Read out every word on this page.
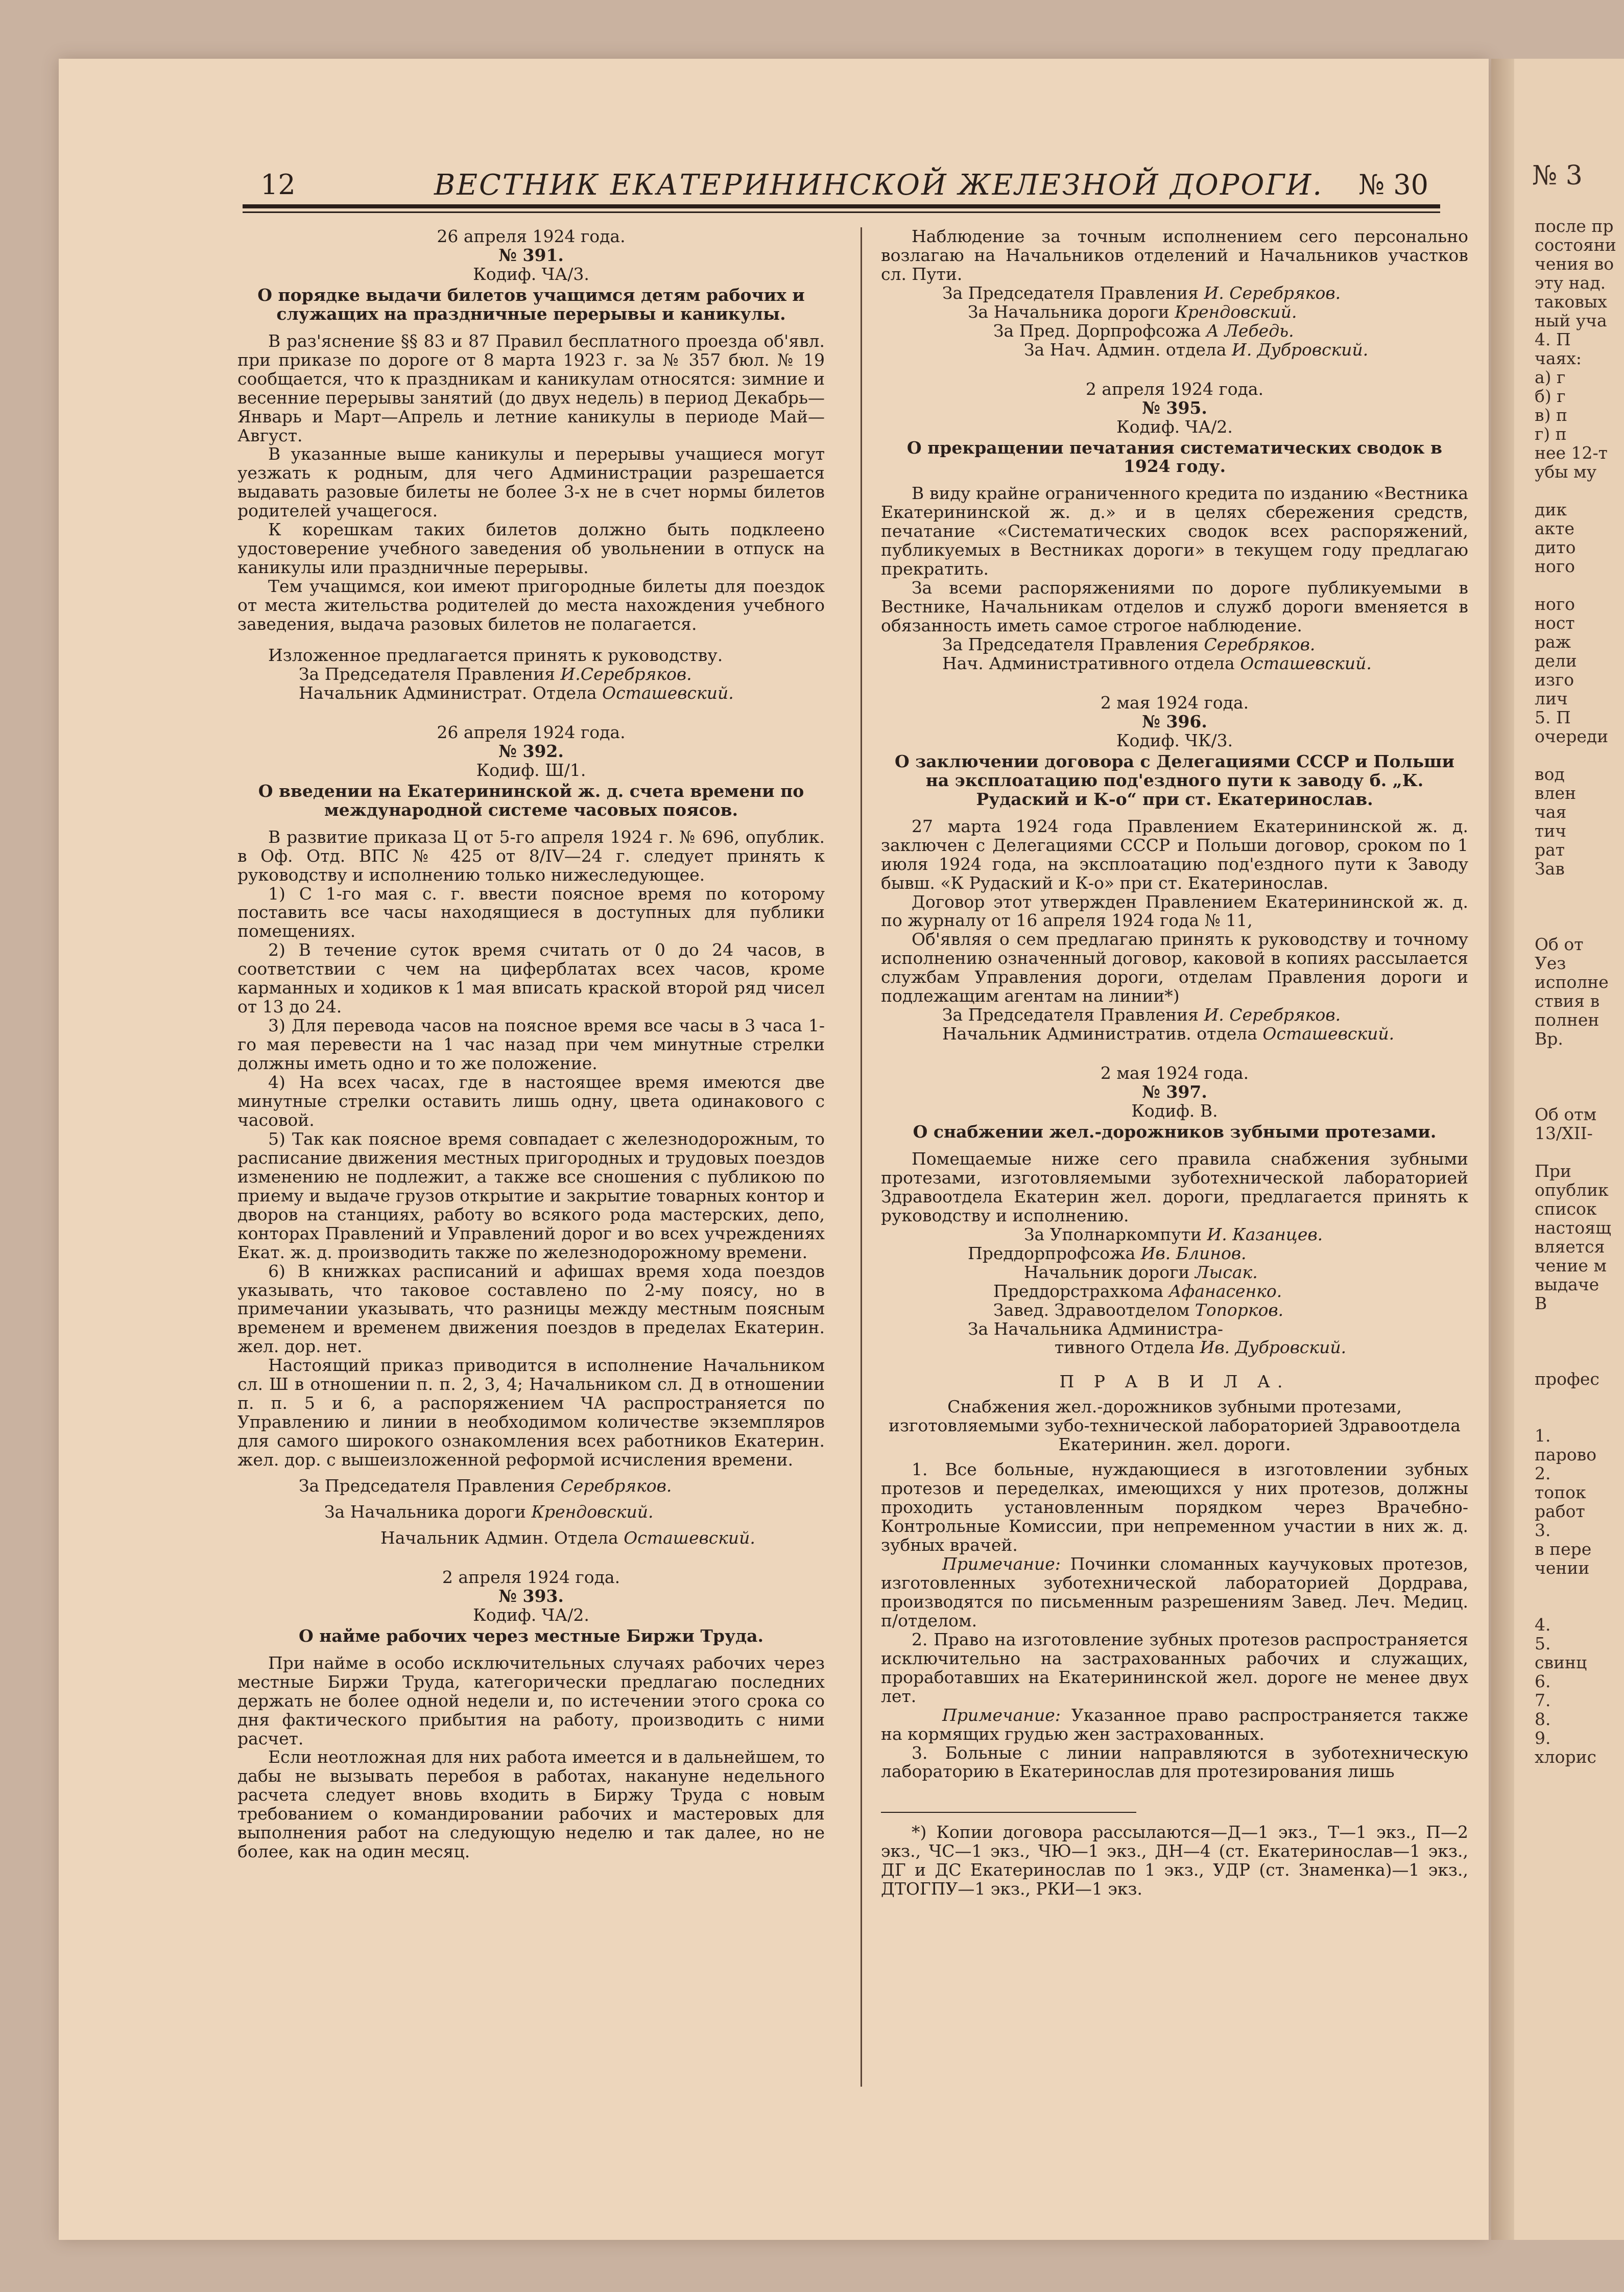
№ 3
после пр
состояни
чения во
эту над.
таковых
ный уча
4. П
чаях:
а) г
б) г
в) п
г) п
нее 12-т
убы му
дик
акте
дито
ного
ного
ност
раж
дели
изго
лич
5. П
очереди
вод
влен
чая
тич
рат
Зав
Об от
Уез
исполне
ствия в
полнен
Вр.
Об отм
13/XII-
При
опублик
список
настоящ
вляется
чение м
выдаче
В
профес
1.
парово
2.
топок
работ
3.
в пере
чении
4.
5.
свинц
6.
7.
8.
9.
хлорис
12	ВЕСТНИК ЕКАТЕРИНИНСКОЙ ЖЕЛЕЗНОЙ ДОРОГИ. № 30
26 апреля 1924 года.
№ 391.
Кодиф. ЧА/3.
О порядке выдачи билетов учащимся детям рабочих и служащих на праздничные перерывы и каникулы.

В раз'яснение §§ 83 и 87 Правил бесплатного проезда об'явл. при приказе по дороге от 8 марта 1923 г. за № 357 бюл. № 19 сообщается, что к праздникам и каникулам относятся: зимние и весенние перерывы занятий (до двух недель) в период Декабрь—Январь и Март—Апрель и летние каникулы в периоде Май—Август.

В указанные выше каникулы и перерывы учащиеся могут уезжать к родным, для чего Администрации разрешается выдавать разовые билеты не более 3-х не в счет нормы билетов родителей учащегося.

К корешкам таких билетов должно быть подклеено удостоверение учебного заведения об увольнении в отпуск на каникулы или праздничные перерывы.

Тем учащимся, кои имеют пригородные билеты для поездок от места жительства родителей до места нахождения учебного заведения, выдача разовых билетов не полагается.

Изложенное предлагается принять к руководству.

За Председателя Правления И.Серебряков.
Начальник Администрат. Отдела Осташевский.
26 апреля 1924 года.
№ 392.
Кодиф. Ш/1.
О введении на Екатерининской ж. д. счета времени по международной системе часовых поясов.

В развитие приказа Ц от 5-го апреля 1924 г. № 696, опублик. в Оф. Отд. ВПС № 425 от 8/IV—24 г. следует принять к руководству и исполнению только нижеследующее.

1) С 1-го мая с. г. ввести поясное время по которому поставить все часы находящиеся в доступных для публики помещениях.

2) В течение суток время считать от 0 до 24 часов, в соответствии с чем на циферблатах всех часов, кроме карманных и ходиков к 1 мая вписать краской второй ряд чисел от 13 до 24.

3) Для перевода часов на поясное время все часы в 3 часа 1-го мая перевести на 1 час назад при чем минутные стрелки должны иметь одно и то же положение.

4) На всех часах, где в настоящее время имеются две минутные стрелки оставить лишь одну, цвета одинакового с часовой.

5) Так как поясное время совпадает с железнодорожным, то расписание движения местных пригородных и трудовых поездов изменению не подлежит, а также все сношения с публикою по приему и выдаче грузов открытие и закрытие товарных контор и дворов на станциях, работу во всякого рода мастерских, депо, конторах Правлений и Управлений дорог и во всех учреждениях Екат. ж. д. производить также по железнодорожному времени.

6) В книжках расписаний и афишах время хода поездов указывать, что таковое составлено по 2-му поясу, но в примечании указывать, что разницы между местным поясным временем и временем движения поездов в пределах Екатерин. жел. дор. нет.

Настоящий приказ приводится в исполнение Начальником сл. Ш в отношении п. п. 2, 3, 4; Начальником сл. Д в отношении п. п. 5 и 6, а распоряжением ЧА распространяется по Управлению и линии в необходимом количестве экземпляров для самого широкого ознакомления всех работников Екатерин. жел. дор. с вышеизложенной реформой исчисления времени.

За Председателя Правления Серебряков.
За Начальника дороги Крендовский.
Начальник Админ. Отдела Осташевский.
2 апреля 1924 года.
№ 393.
Кодиф. ЧА/2.
О найме рабочих через местные Биржи Труда.

При найме в особо исключительных случаях рабочих через местные Биржи Труда, категорически предлагаю последних держать не более одной недели и, по истечении этого срока со дня фактического прибытия на работу, производить с ними расчет.

Если неотложная для них работа имеется и в дальнейшем, то дабы не вызывать перебоя в работах, накануне недельного расчета следует вновь входить в Биржу Труда с новым требованием о командировании рабочих и мастеровых для выполнения работ на следующую неделю и так далее, но не более, как на один месяц.

Наблюдение за точным исполнением сего персонально возлагаю на Начальников отделений и Начальников участков сл. Пути.

За Председателя Правления И. Серебряков.
За Начальника дороги Крендовский.
За Пред. Дорпрофсожа А Лебедь.
За Нач. Админ. отдела И. Дубровский.
2 апреля 1924 года.
№ 395.
Кодиф. ЧА/2.
О прекращении печатания систематических сводок в 1924 году.

В виду крайне ограниченного кредита по изданию «Вестника Екатерининской ж. д.» и в целях сбережения средств, печатание «Систематических сводок всех распоряжений, публикуемых в Вестниках дороги» в текущем году предлагаю прекратить.

За всеми распоряжениями по дороге публикуемыми в Вестнике, Начальникам отделов и служб дороги вменяется в обязанность иметь самое строгое наблюдение.

За Председателя Правления Серебряков.
Нач. Административного отдела Осташевский.
2 мая 1924 года.
№ 396.
Кодиф. ЧК/3.
О заключении договора с Делегациями СССР и Польши на эксплоатацию под'ездного пути к заводу б. „К. Рудаский и К-о“ при ст. Екатеринослав.

27 марта 1924 года Правлением Екатерининской ж. д. заключен с Делегациями СССР и Польши договор, сроком по 1 июля 1924 года, на эксплоатацию под'ездного пути к Заводу бывш. «К Рудаский и К-о» при ст. Екатеринослав.

Договор этот утвержден Правлением Екатерининской ж. д. по журналу от 16 апреля 1924 года № 11,

Об'являя о сем предлагаю принять к руководству и точному исполнению означенный договор, каковой в копиях рассылается службам Управления дороги, отделам Правления дороги и подлежащим агентам на линии*)

За Председателя Правления И. Серебряков.
Начальник Административ. отдела Осташевский.
2 мая 1924 года.
№ 397.
Кодиф. В.
О снабжении жел.-дорожников зубными протезами.

Помещаемые ниже сего правила снабжения зубными протезами, изготовляемыми зуботехнической лабораторией Здравоотдела Екатерин жел. дороги, предлагается принять к руководству и исполнению.

За Уполнаркомпути И. Казанцев.
Преддорпрофсожа Ив. Блинов.
Начальник дороги Лысак.
Преддорстрахкома Афанасенко.
Завед. Здравоотделом Топорков.
За Начальника Администра-
тивного Отдела Ив. Дубровский.
П Р А В И Л А.
Снабжения жел.-дорожников зубными протезами, изготовляемыми зубо-технической лабораторией Здравоотдела Екатеринин. жел. дороги.

1. Все больные, нуждающиеся в изготовлении зубных протезов и переделках, имеющихся у них протезов, должны проходить установленным порядком через Врачебно-Контрольные Комиссии, при непременном участии в них ж. д. зубных врачей.

Примечание: Починки сломанных каучуковых протезов, изготовленных зуботехнической лабораторией Дордрава, производятся по письменным разрешениям Завед. Леч. Медиц. п/отделом.

2. Право на изготовление зубных протезов распространяется исключительно на застрахованных рабочих и служащих, проработавших на Екатерининской жел. дороге не менее двух лет.

Примечание: Указанное право распространяется также на кормящих грудью жен застрахованных.

3. Больные с линии направляются в зуботехническую лабораторию в Екатеринослав для протезирования лишь

*) Копии договора рассылаются—Д—1 экз., Т—1 экз., П—2 экз., ЧС—1 экз., ЧЮ—1 экз., ДН—4 (ст. Екатеринослав—1 экз., ДГ и ДС Екатеринослав по 1 экз., УДР (ст. Знаменка)—1 экз., ДТОГПУ—1 экз., РКИ—1 экз.
